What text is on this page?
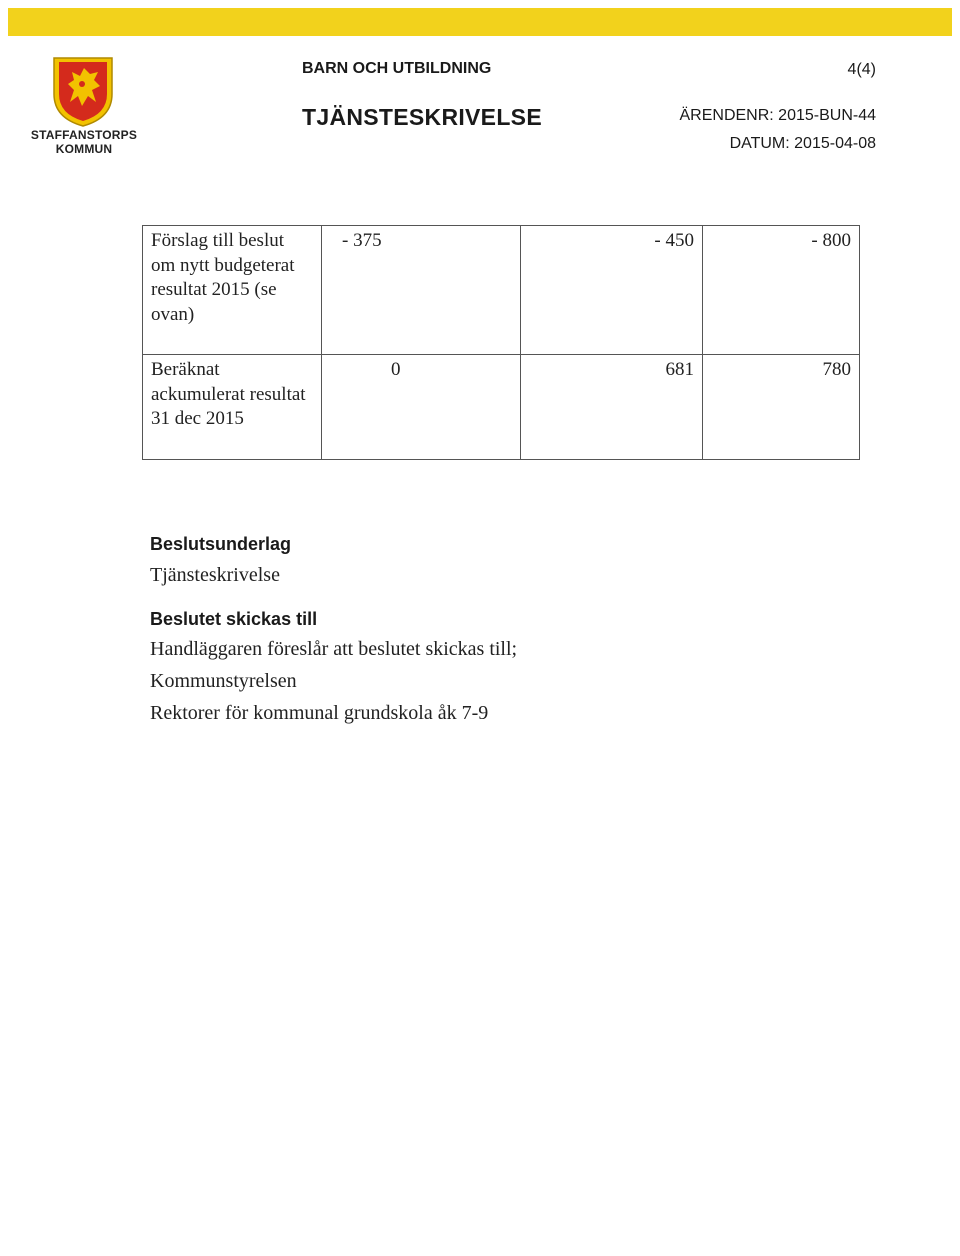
STAFFANSTORPS
KOMMUN
BARN OCH UTBILDNING	4(4)
TJÄNSTESKRIVELSE	ÄRENDENR: 2015-BUN-44
DATUM: 2015-04-08
Förslag till beslut om nytt budgeterat resultat 2015 (se ovan)	- 375	- 450	- 800
Beräknat ackumulerat resultat 31 dec 2015	0	681	780
Beslutsunderlag
Tjänsteskrivelse
Beslutet skickas till
Handläggaren föreslår att beslutet skickas till;
Kommunstyrelsen
Rektorer för kommunal grundskola åk 7-9
